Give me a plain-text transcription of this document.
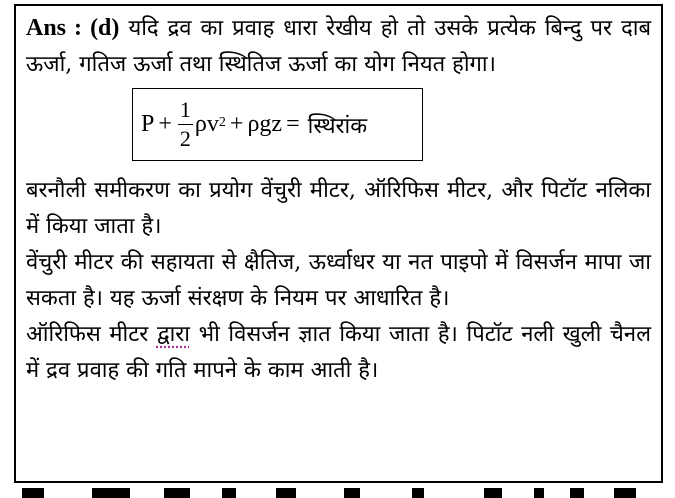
Ans : (d) यदि द्रव का प्रवाह धारा रेखीय हो तो उसके प्रत्येक बिन्दु पर दाब ऊर्जा, गतिज ऊर्जा तथा स्थितिज ऊर्जा का योग नियत होगा।

$P + \frac{1}{2}$ ρv 2 + ρgz = स्थिरांक

बरनौली समीकरण का प्रयोग वेंचुरी मीटर, ऑरिफिस मीटर, और पिटॉट नलिका में किया जाता है।

वेंचुरी मीटर की सहायता से क्षैतिज, ऊर्ध्वाधर या नत पाइपो में विसर्जन मापा जा सकता है। यह ऊर्जा संरक्षण के नियम पर आधारित है।

ऑरिफिस मीटर द्वारा भी विसर्जन ज्ञात किया जाता है। पिटॉट नली खुली चैनल में द्रव प्रवाह की गति मापने के काम आती है।
